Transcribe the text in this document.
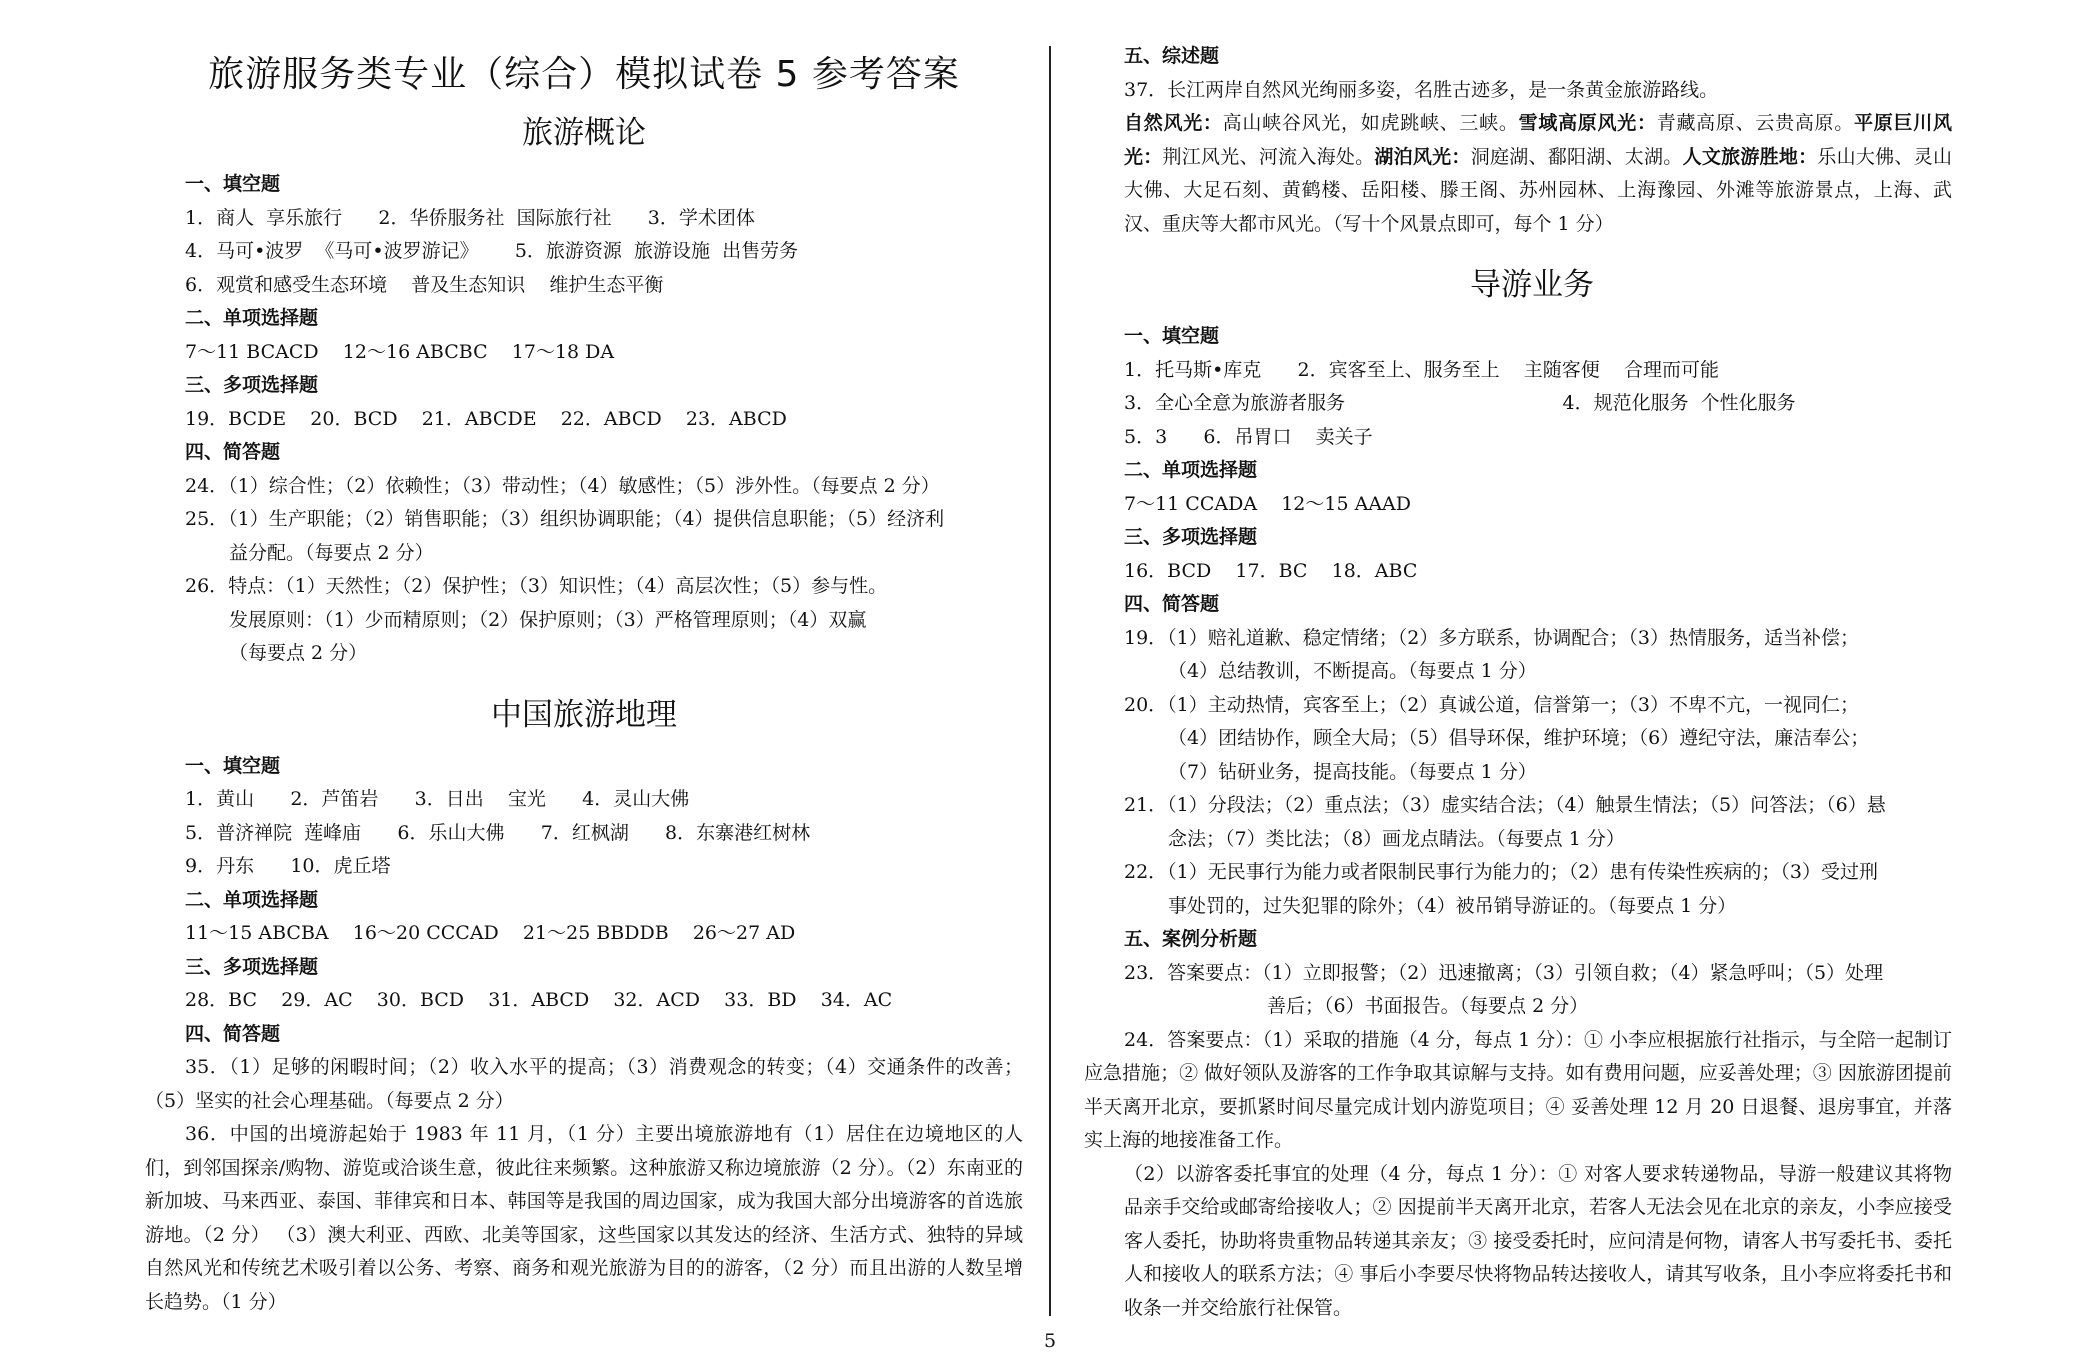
旅游服务类专业（综合）模拟试卷 5 参考答案
旅游概论
一、填空题
1．商人  享乐旅行      2．华侨服务社  国际旅行社      3．学术团体
4．马可•波罗  《马可•波罗游记》      5．旅游资源  旅游设施  出售劳务
6．观赏和感受生态环境    普及生态知识    维护生态平衡
二、单项选择题
7～11 BCACD    12～16 ABCBC    17～18 DA
三、多项选择题
19．BCDE    20．BCD    21．ABCDE    22．ABCD    23．ABCD
四、简答题
24．（1）综合性；（2）依赖性；（3）带动性；（4）敏感性；（5）涉外性。（每要点 2 分）
25．（1）生产职能；（2）销售职能；（3）组织协调职能；（4）提供信息职能；（5）经济利
益分配。（每要点 2 分）
26．特点：（1）天然性；（2）保护性；（3）知识性；（4）高层次性；（5）参与性。
发展原则：（1）少而精原则；（2）保护原则；（3）严格管理原则；（4）双赢
（每要点 2 分）
中国旅游地理
一、填空题
1．黄山      2．芦笛岩      3．日出    宝光      4．灵山大佛
5．普济禅院  莲峰庙      6．乐山大佛      7．红枫湖      8．东寨港红树林
9．丹东      10．虎丘塔
二、单项选择题
11～15 ABCBA    16～20 CCCAD    21～25 BBDDB    26～27 AD
三、多项选择题
28．BC    29．AC    30．BCD    31．ABCD    32．ACD    33．BD    34．AC
四、简答题
35．（1）足够的闲暇时间；（2）收入水平的提高；（3）消费观念的转变；（4）交通条件的改善；（5）坚实的社会心理基础。（每要点 2 分）
36．中国的出境游起始于 1983 年 11 月，（1 分）主要出境旅游地有（1）居住在边境地区的人们，到邻国探亲/购物、游览或洽谈生意，彼此往来频繁。这种旅游又称边境旅游（2 分）。（2）东南亚的新加坡、马来西亚、泰国、菲律宾和日本、韩国等是我国的周边国家，成为我国大部分出境游客的首选旅游地。（2 分） （3）澳大利亚、西欧、北美等国家，这些国家以其发达的经济、生活方式、独特的异域自然风光和传统艺术吸引着以公务、考察、商务和观光旅游为目的的游客，（2 分）而且出游的人数呈增长趋势。（1 分）
五、综述题
37．长江两岸自然风光绚丽多姿，名胜古迹多，是一条黄金旅游路线。
自然风光：高山峡谷风光，如虎跳峡、三峡。雪域高原风光：青藏高原、云贵高原。平原巨川风光：荆江风光、河流入海处。湖泊风光：洞庭湖、鄱阳湖、太湖。人文旅游胜地：乐山大佛、灵山大佛、大足石刻、黄鹤楼、岳阳楼、滕王阁、苏州园林、上海豫园、外滩等旅游景点，上海、武汉、重庆等大都市风光。（写十个风景点即可，每个 1 分）
导游业务
一、填空题
1．托马斯•库克      2．宾客至上、服务至上    主随客便    合理而可能
3．全心全意为旅游者服务                                    4．规范化服务  个性化服务
5．3      6．吊胃口    卖关子
二、单项选择题
7～11 CCADA    12～15 AAAD
三、多项选择题
16．BCD    17．BC    18．ABC
四、简答题
19．（1）赔礼道歉、稳定情绪；（2）多方联系，协调配合；（3）热情服务，适当补偿；
（4）总结教训，不断提高。（每要点 1 分）
20．（1）主动热情，宾客至上；（2）真诚公道，信誉第一；（3）不卑不亢，一视同仁；
（4）团结协作，顾全大局；（5）倡导环保，维护环境；（6）遵纪守法，廉洁奉公；
（7）钻研业务，提高技能。（每要点 1 分）
21．（1）分段法；（2）重点法；（3）虚实结合法；（4）触景生情法；（5）问答法；（6）悬
念法；（7）类比法；（8）画龙点睛法。（每要点 1 分）
22．（1）无民事行为能力或者限制民事行为能力的；（2）患有传染性疾病的；（3）受过刑
事处罚的，过失犯罪的除外；（4）被吊销导游证的。（每要点 1 分）
五、案例分析题
23．答案要点：（1）立即报警；（2）迅速撤离；（3）引领自救；（4）紧急呼叫；（5）处理
善后；（6）书面报告。（每要点 2 分）
24．答案要点：（1）采取的措施（4 分，每点 1 分）：① 小李应根据旅行社指示，与全陪一起制订应急措施；② 做好领队及游客的工作争取其谅解与支持。如有费用问题，应妥善处理；③ 因旅游团提前半天离开北京，要抓紧时间尽量完成计划内游览项目；④ 妥善处理 12 月 20 日退餐、退房事宜，并落实上海的地接准备工作。
（2）以游客委托事宜的处理（4 分，每点 1 分）：① 对客人要求转递物品，导游一般建议其将物品亲手交给或邮寄给接收人；② 因提前半天离开北京，若客人无法会见在北京的亲友，小李应接受客人委托，协助将贵重物品转递其亲友；③ 接受委托时，应问清是何物，请客人书写委托书、委托人和接收人的联系方法；④ 事后小李要尽快将物品转达接收人，请其写收条，且小李应将委托书和收条一并交给旅行社保管。
5
